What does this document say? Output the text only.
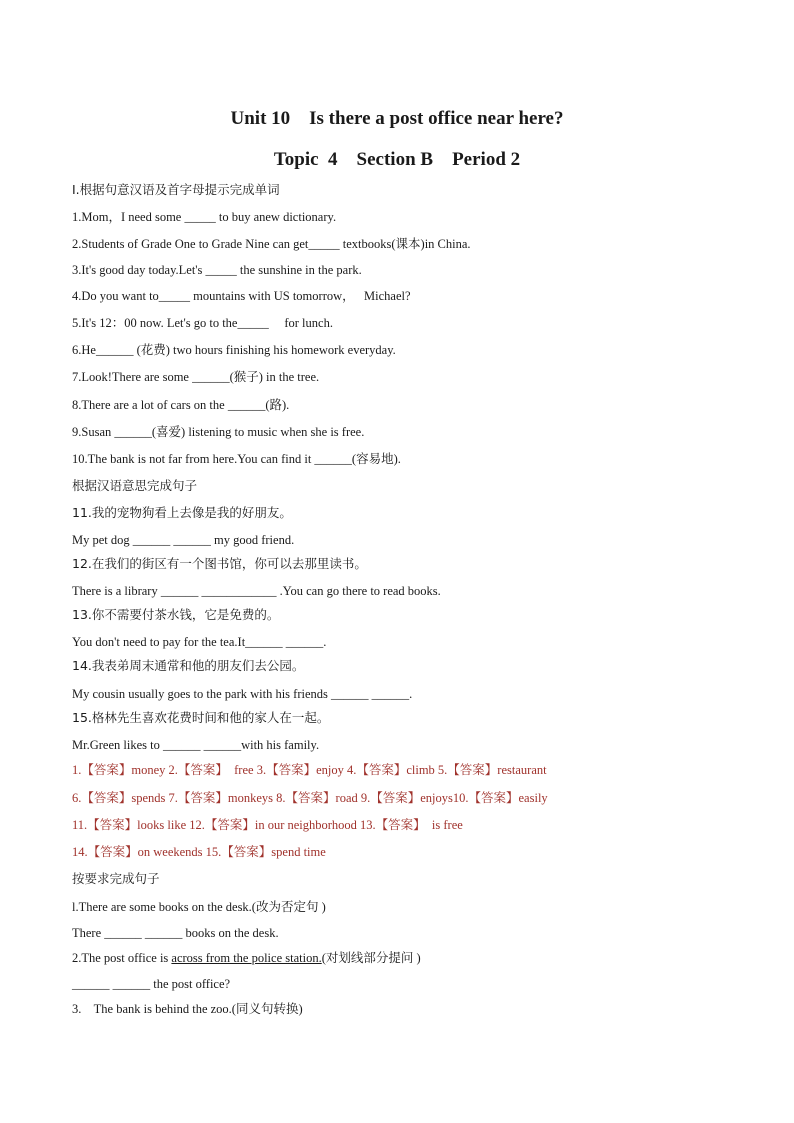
Unit 10    Is there a post office near here?
Topic  4    Section B    Period 2
I.根据句意汉语及首字母提示完成单词
1.Mom，I need some _____ to buy anew dictionary.
2.Students of Grade One to Grade Nine can get_____ textbooks(课本)in China.
3.It's good day today.Let's _____ the sunshine in the park.
4.Do you want to_____ mountains with US tomorrow，   Michael?
5.It's 12：00 now. Let's go to the_____     for lunch.
6.He______ (花费) two hours finishing his homework everyday.
7.Look!There are some ______(猴子) in the tree.
8.There are a lot of cars on the ______(路).
9.Susan ______(喜爱) listening to music when she is free.
10.The bank is not far from here.You can find it ______(容易地).
根据汉语意思完成句子
11.我的宠物狗看上去像是我的好朋友。
My pet dog ______ ______ my good friend.
12.在我们的街区有一个图书馆，你可以去那里读书。
There is a library ______ ____________ .You can go there to read books.
13.你不需要付茶水钱，它是免费的。
You don't need to pay for the tea.It______ ______.
14.我表弟周末通常和他的朋友们去公园。
My cousin usually goes to the park with his friends ______ ______.
15.格林先生喜欢花费时间和他的家人在一起。
Mr.Green likes to ______ ______with his family.
1.【答案】money 2.【答案】  free 3.【答案】enjoy 4.【答案】climb 5.【答案】restaurant
6.【答案】spends 7.【答案】monkeys 8.【答案】road 9.【答案】enjoys10.【答案】easily
11.【答案】looks like 12.【答案】in our neighborhood 13.【答案】  is free
14.【答案】on weekends 15.【答案】spend time
按要求完成句子
l.There are some books on the desk.(改为否定句 )
There ______ ______ books on the desk.
2.The post office is across from the police station.(对划线部分提问 )
______ ______ the post office?
3.    The bank is behind the zoo.(同义句转换)
